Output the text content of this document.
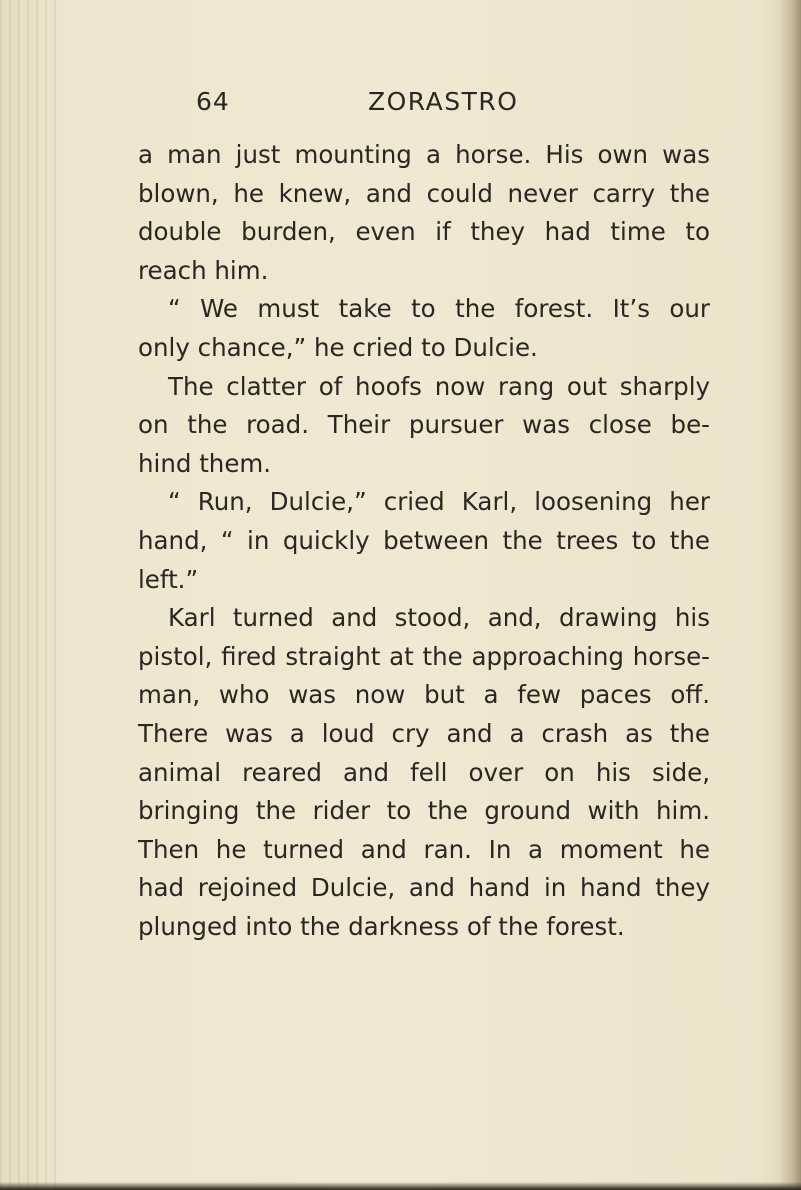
64	ZORASTRO
a man just mounting a horse. His own was
blown, he knew, and could never carry the
double burden, even if they had time to
reach him.
“ We must take to the forest. It’s our
only chance,” he cried to Dulcie.
The clatter of hoofs now rang out sharply
on the road. Their pursuer was close be-
hind them.
“ Run, Dulcie,” cried Karl, loosening her
hand, “ in quickly between the trees to the
left.”
Karl turned and stood, and, drawing his
pistol, fired straight at the approaching horse-
man, who was now but a few paces off.
There was a loud cry and a crash as the
animal reared and fell over on his side,
bringing the rider to the ground with him.
Then he turned and ran. In a moment he
had rejoined Dulcie, and hand in hand they
plunged into the darkness of the forest.
